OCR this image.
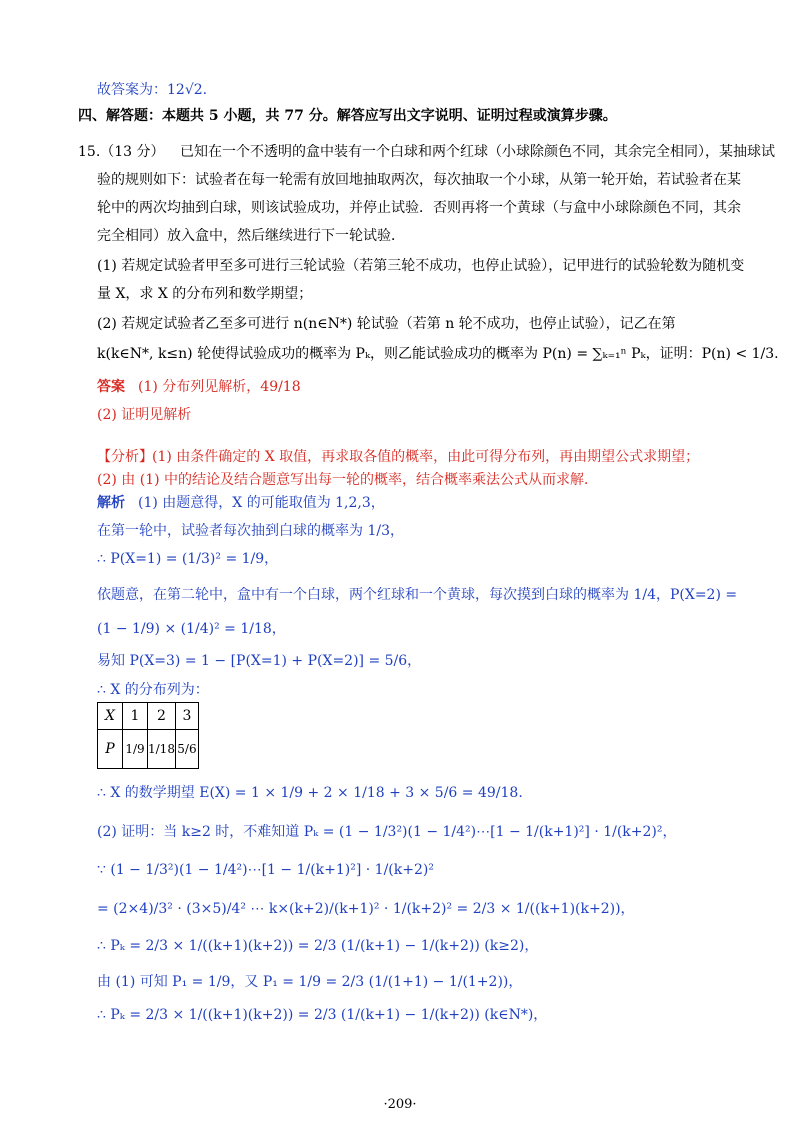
故答案为：12√2.
四、解答题：本题共 5 小题，共 77 分。解答应写出文字说明、证明过程或演算步骤。
15.（13 分） 已知在一个不透明的盒中装有一个白球和两个红球（小球除颜色不同，其余完全相同），某抽球试
验的规则如下：试验者在每一轮需有放回地抽取两次，每次抽取一个小球，从第一轮开始，若试验者在某
轮中的两次均抽到白球，则该试验成功，并停止试验．否则再将一个黄球（与盒中小球除颜色不同，其余
完全相同）放入盒中，然后继续进行下一轮试验．
(1) 若规定试验者甲至多可进行三轮试验（若第三轮不成功，也停止试验），记甲进行的试验轮数为随机变
量 X，求 X 的分布列和数学期望；
(2) 若规定试验者乙至多可进行 n(n∈N*) 轮试验（若第 n 轮不成功，也停止试验），记乙在第
k(k∈N*, k≤n) 轮使得试验成功的概率为 Pₖ，则乙能试验成功的概率为 P(n) = ∑ₖ₌₁ⁿ Pₖ，证明：P(n) < 1/3.
答案 (1) 分布列见解析，49/18
(2) 证明见解析
【分析】 (1) 由条件确定的 X 取值，再求取各值的概率，由此可得分布列，再由期望公式求期望；
(2) 由 (1) 中的结论及结合题意写出每一轮的概率，结合概率乘法公式从而求解．
解析 (1) 由题意得，X 的可能取值为 1,2,3，
在第一轮中，试验者每次抽到白球的概率为 1/3，
∴ P(X=1) = (1/3)² = 1/9，
依题意，在第二轮中，盒中有一个白球，两个红球和一个黄球，每次摸到白球的概率为 1/4，P(X=2) =
(1 − 1/9) × (1/4)² = 1/18，
易知 P(X=3) = 1 − [P(X=1) + P(X=2)] = 5/6，
∴ X 的分布列为：
X	1	2	3
P	1/9	1/18	5/6
∴ X 的数学期望 E(X) = 1 × 1/9 + 2 × 1/18 + 3 × 5/6 = 49/18.
(2) 证明：当 k≥2 时，不难知道 Pₖ = (1 − 1/3²)(1 − 1/4²)⋯[1 − 1/(k+1)²] · 1/(k+2)²，
∵ (1 − 1/3²)(1 − 1/4²)⋯[1 − 1/(k+1)²] · 1/(k+2)²
= (2×4)/3² · (3×5)/4² ⋯ k×(k+2)/(k+1)² · 1/(k+2)² = 2/3 × 1/((k+1)(k+2))，
∴ Pₖ = 2/3 × 1/((k+1)(k+2)) = 2/3 (1/(k+1) − 1/(k+2)) (k≥2)，
由 (1) 可知 P₁ = 1/9，又 P₁ = 1/9 = 2/3 (1/(1+1) − 1/(1+2))，
∴ Pₖ = 2/3 × 1/((k+1)(k+2)) = 2/3 (1/(k+1) − 1/(k+2)) (k∈N*)，
·209·
